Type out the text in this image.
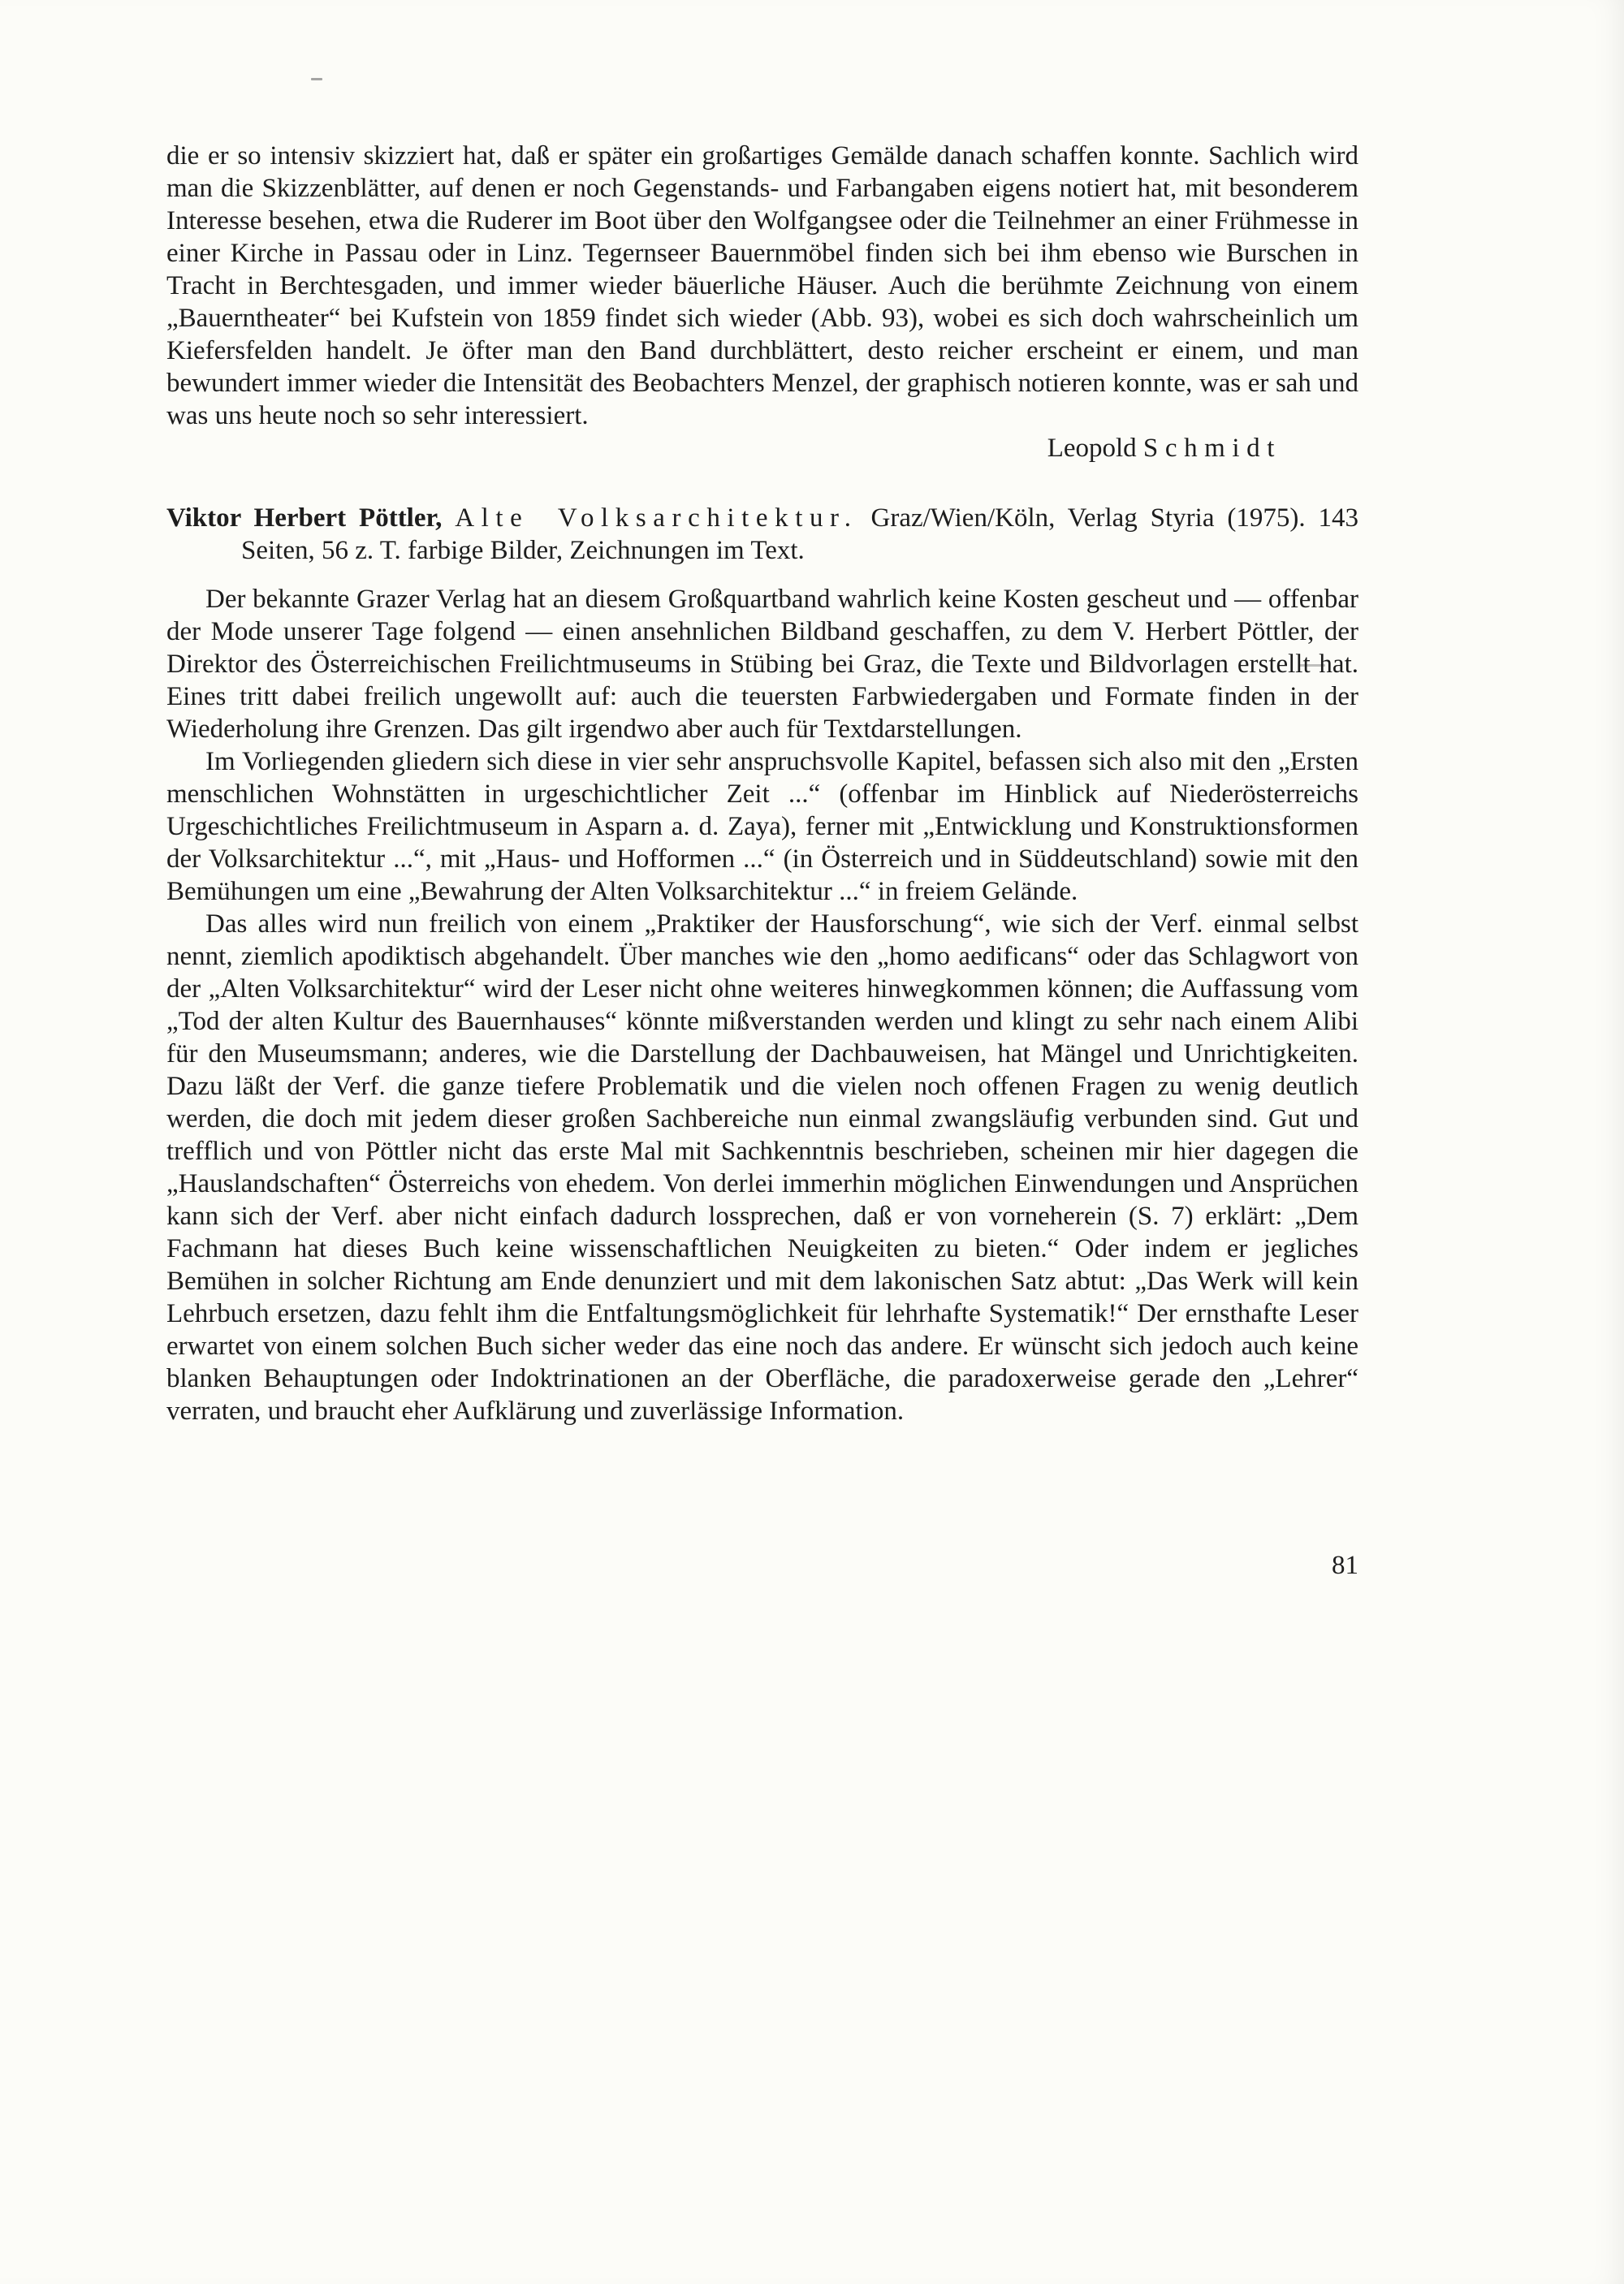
die er so intensiv skizziert hat, daß er später ein großartiges Gemälde danach schaffen konnte. Sachlich wird man die Skizzenblätter, auf denen er noch Gegenstands- und Farbangaben eigens notiert hat, mit besonderem Interesse besehen, etwa die Ruderer im Boot über den Wolfgangsee oder die Teilnehmer an einer Frühmesse in einer Kirche in Passau oder in Linz. Tegernseer Bauernmöbel finden sich bei ihm ebenso wie Burschen in Tracht in Berchtesgaden, und immer wieder bäuerliche Häuser. Auch die berühmte Zeichnung von einem „Bauerntheater“ bei Kufstein von 1859 findet sich wieder (Abb. 93), wobei es sich doch wahrscheinlich um Kiefersfelden handelt. Je öfter man den Band durchblättert, desto reicher erscheint er einem, und man bewundert immer wieder die Intensität des Beobachters Menzel, der graphisch notieren konnte, was er sah und was uns heute noch so sehr interessiert.

Leopold Schmidt

Viktor Herbert Pöttler, Alte Volksarchitektur. Graz/Wien/Köln, Verlag Styria (1975). 143 Seiten, 56 z. T. farbige Bilder, Zeichnungen im Text.

Der bekannte Grazer Verlag hat an diesem Großquartband wahrlich keine Kosten gescheut und — offenbar der Mode unserer Tage folgend — einen ansehnlichen Bildband geschaffen, zu dem V. Herbert Pöttler, der Direktor des Österreichischen Freilichtmuseums in Stübing bei Graz, die Texte und Bildvorlagen erstellt hat. Eines tritt dabei freilich ungewollt auf: auch die teuersten Farbwiedergaben und Formate finden in der Wiederholung ihre Grenzen. Das gilt irgendwo aber auch für Textdarstellungen.

Im Vorliegenden gliedern sich diese in vier sehr anspruchsvolle Kapitel, befassen sich also mit den „Ersten menschlichen Wohnstätten in urgeschichtlicher Zeit ...“ (offenbar im Hinblick auf Niederösterreichs Urgeschichtliches Freilichtmuseum in Asparn a. d. Zaya), ferner mit „Entwicklung und Konstruktionsformen der Volksarchitektur ...“, mit „Haus- und Hofformen ...“ (in Österreich und in Süddeutschland) sowie mit den Bemühungen um eine „Bewahrung der Alten Volksarchitektur ...“ in freiem Gelände.

Das alles wird nun freilich von einem „Praktiker der Hausforschung“, wie sich der Verf. einmal selbst nennt, ziemlich apodiktisch abgehandelt. Über manches wie den „homo aedificans“ oder das Schlagwort von der „Alten Volksarchitektur“ wird der Leser nicht ohne weiteres hinwegkommen können; die Auffassung vom „Tod der alten Kultur des Bauernhauses“ könnte mißverstanden werden und klingt zu sehr nach einem Alibi für den Museumsmann; anderes, wie die Darstellung der Dachbauweisen, hat Mängel und Unrichtigkeiten. Dazu läßt der Verf. die ganze tiefere Problematik und die vielen noch offenen Fragen zu wenig deutlich werden, die doch mit jedem dieser großen Sachbereiche nun einmal zwangsläufig verbunden sind. Gut und trefflich und von Pöttler nicht das erste Mal mit Sachkenntnis beschrieben, scheinen mir hier dagegen die „Hauslandschaften“ Österreichs von ehedem. Von derlei immerhin möglichen Einwendungen und Ansprüchen kann sich der Verf. aber nicht einfach dadurch lossprechen, daß er von vorneherein (S. 7) erklärt: „Dem Fachmann hat dieses Buch keine wissenschaftlichen Neuigkeiten zu bieten.“ Oder indem er jegliches Bemühen in solcher Richtung am Ende denunziert und mit dem lakonischen Satz abtut: „Das Werk will kein Lehrbuch ersetzen, dazu fehlt ihm die Entfaltungsmöglichkeit für lehrhafte Systematik!“ Der ernsthafte Leser erwartet von einem solchen Buch sicher weder das eine noch das andere. Er wünscht sich jedoch auch keine blanken Behauptungen oder Indoktrinationen an der Oberfläche, die paradoxerweise gerade den „Lehrer“ verraten, und braucht eher Aufklärung und zuverlässige Information.

81
